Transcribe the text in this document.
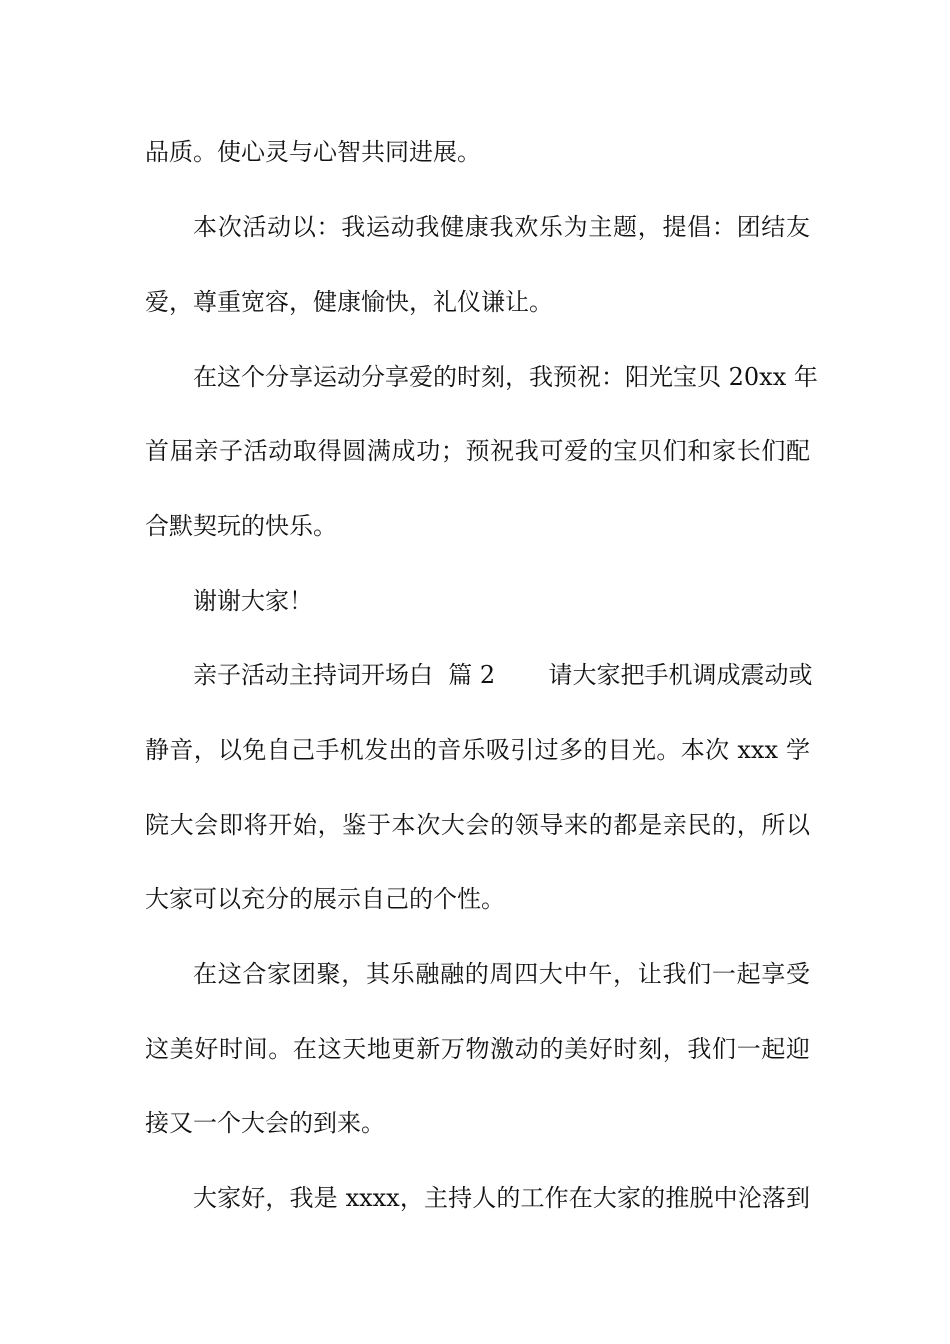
品质。使心灵与心智共同进展。
本次活动以：我运动我健康我欢乐为主题，提倡：团结友
爱，尊重宽容，健康愉快，礼仪谦让。
在这个分享运动分享爱的时刻，我预祝：阳光宝贝 20xx 年
首届亲子活动取得圆满成功；预祝我可爱的宝贝们和家长们配
合默契玩的快乐。
谢谢大家！
亲子活动主持词开场白  篇 2       请大家把手机调成震动或
静音，以免自己手机发出的音乐吸引过多的目光。本次 xxx 学
院大会即将开始，鉴于本次大会的领导来的都是亲民的，所以
大家可以充分的展示自己的个性。
在这合家团聚，其乐融融的周四大中午，让我们一起享受
这美好时间。在这天地更新万物激动的美好时刻，我们一起迎
接又一个大会的到来。
大家好，我是 xxxx，主持人的工作在大家的推脱中沦落到
